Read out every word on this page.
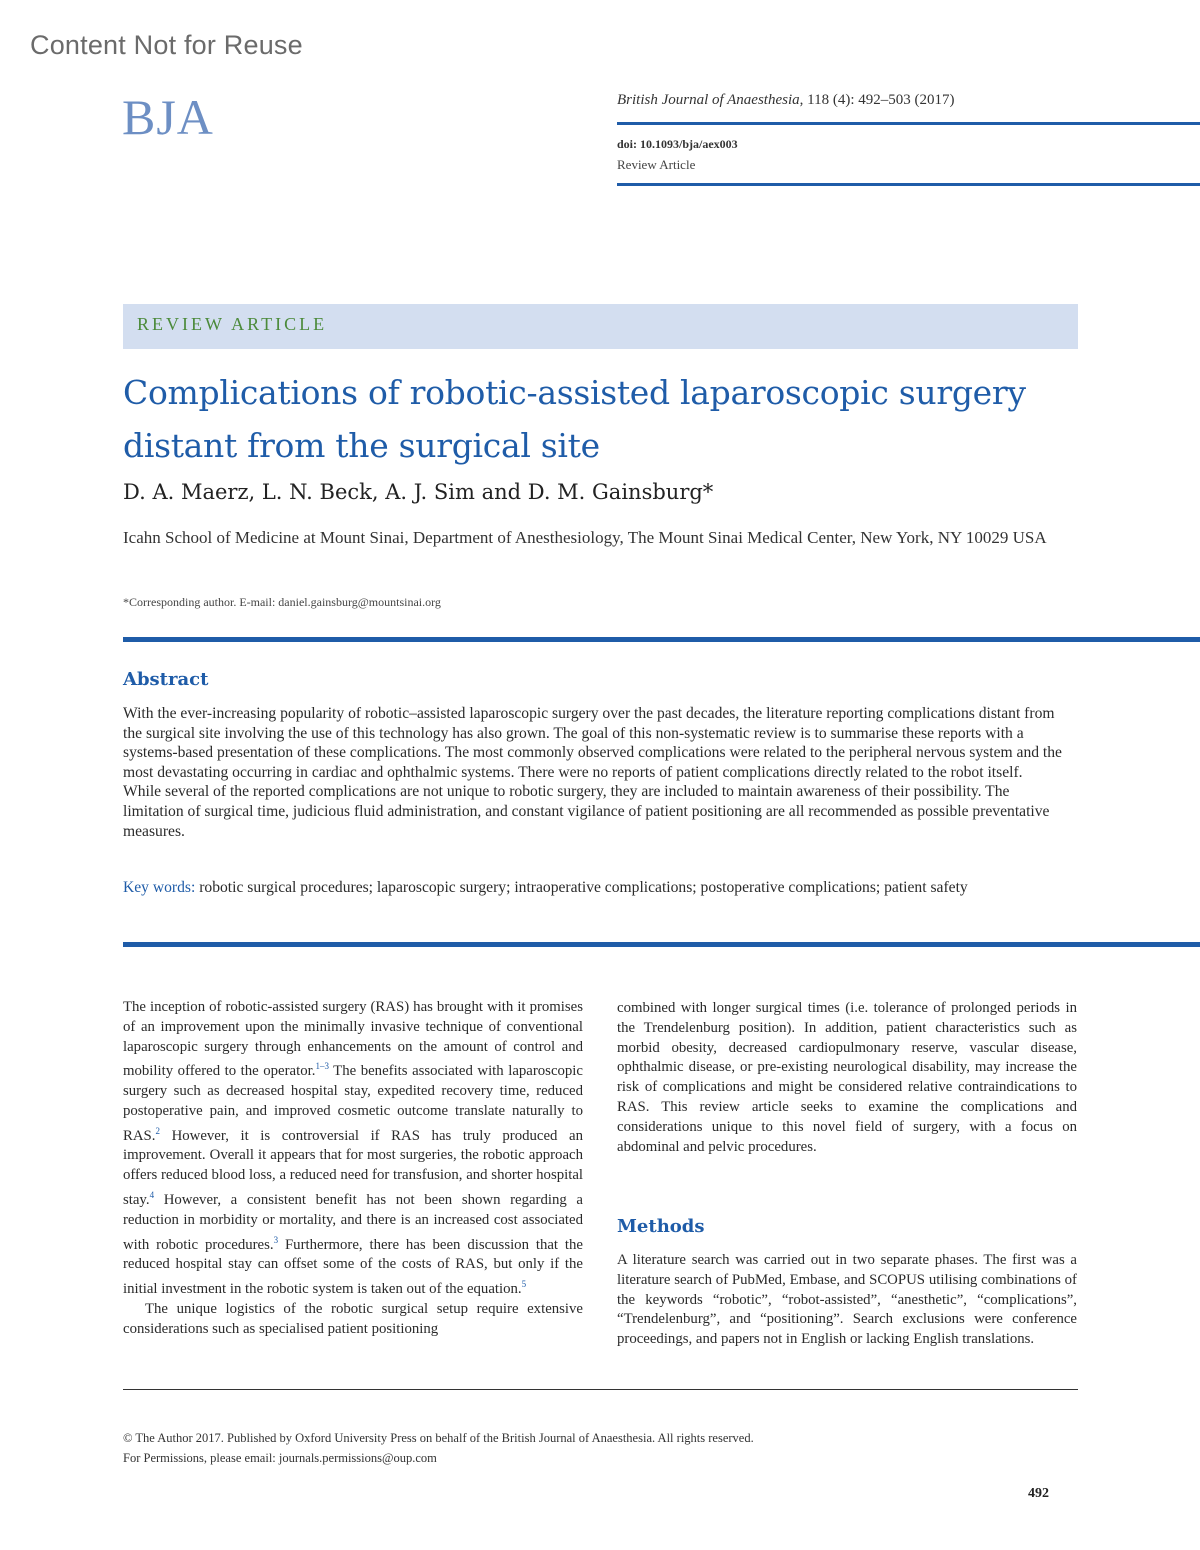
Content Not for Reuse
BJA	British Journal of Anaesthesia, 118 (4): 492–503 (2017)
doi: 10.1093/bja/aex003
Review Article
REVIEW ARTICLE
Complications of robotic-assisted laparoscopic surgery distant from the surgical site
D. A. Maerz, L. N. Beck, A. J. Sim and D. M. Gainsburg*
Icahn School of Medicine at Mount Sinai, Department of Anesthesiology, The Mount Sinai Medical Center, New York, NY 10029 USA
*Corresponding author. E-mail: daniel.gainsburg@mountsinai.org
Abstract
With the ever-increasing popularity of robotic–assisted laparoscopic surgery over the past decades, the literature reporting complications distant from the surgical site involving the use of this technology has also grown. The goal of this non-systematic review is to summarise these reports with a systems-based presentation of these complications. The most commonly observed complications were related to the peripheral nervous system and the most devastating occurring in cardiac and ophthalmic systems. There were no reports of patient complications directly related to the robot itself. While several of the reported complications are not unique to robotic surgery, they are included to maintain awareness of their possibility. The limitation of surgical time, judicious fluid administration, and constant vigilance of patient positioning are all recommended as possible preventative measures.
Key words: robotic surgical procedures; laparoscopic surgery; intraoperative complications; postoperative complications; patient safety

The inception of robotic-assisted surgery (RAS) has brought with it promises of an improvement upon the minimally invasive technique of conventional laparoscopic surgery through enhancements on the amount of control and mobility offered to the operator.$^{1-3}$ The benefits associated with laparoscopic surgery such as decreased hospital stay, expedited recovery time, reduced postoperative pain, and improved cosmetic outcome translate naturally to RAS.$^2$ However, it is controversial if RAS has truly produced an improvement. Overall it appears that for most surgeries, the robotic approach offers reduced blood loss, a reduced need for transfusion, and shorter hospital stay.$^4$ However, a consistent benefit has not been shown regarding a reduction in morbidity or mortality, and there is an increased cost associated with robotic procedures.$^3$ Furthermore, there has been discussion that the reduced hospital stay can offset some of the costs of RAS, but only if the initial investment in the robotic system is taken out of the equation.$^5$

The unique logistics of the robotic surgical setup require extensive considerations such as specialised patient positioning

combined with longer surgical times (i.e. tolerance of prolonged periods in the Trendelenburg position). In addition, patient characteristics such as morbid obesity, decreased cardiopulmonary reserve, vascular disease, ophthalmic disease, or pre-existing neurological disability, may increase the risk of complications and might be considered relative contraindications to RAS. This review article seeks to examine the complications and considerations unique to this novel field of surgery, with a focus on abdominal and pelvic procedures.

Methods

A literature search was carried out in two separate phases. The first was a literature search of PubMed, Embase, and SCOPUS utilising combinations of the keywords “robotic”, “robot-assisted”, “anesthetic”, “complications”, “Trendelenburg”, and “positioning”. Search exclusions were conference proceedings, and papers not in English or lacking English translations.

© The Author 2017. Published by Oxford University Press on behalf of the British Journal of Anaesthesia. All rights reserved.
For Permissions, please email: journals.permissions@oup.com
492
